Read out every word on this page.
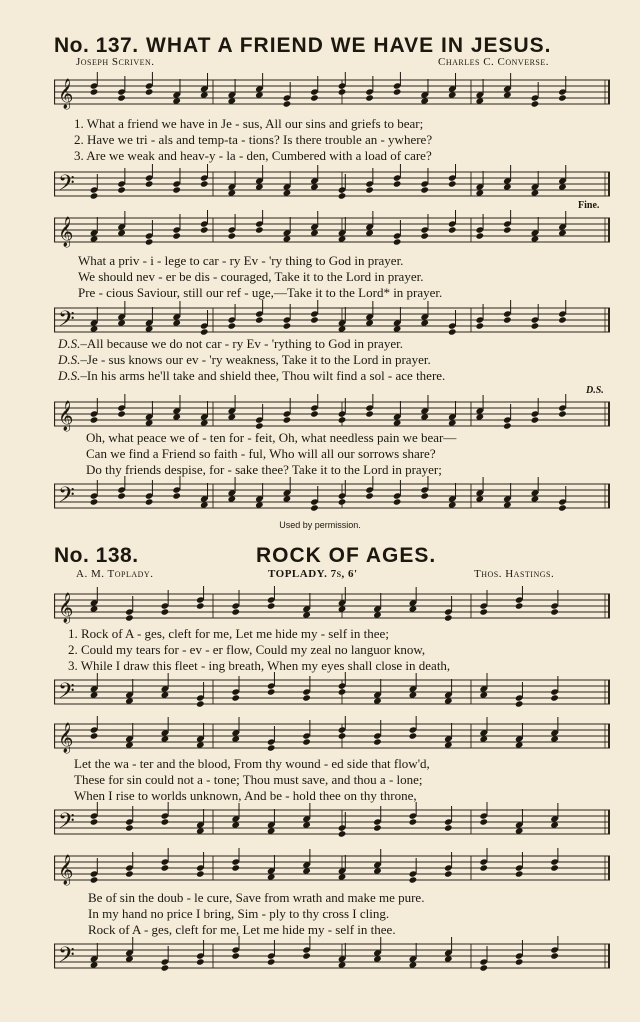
No. 137. WHAT A FRIEND WE HAVE IN JESUS.
Joseph Scriven.	Charles C. Converse.
𝄞
1. What a friend we have in Je - sus, All our sins and griefs to bear;
2. Have we tri - als and temp-ta - tions? Is there trouble an - ywhere?
3. Are we weak and heav-y - la - den, Cumbered with a load of care?
𝄢
Fine.
𝄞
What a priv - i - lege to car - ry Ev - 'ry thing to God in prayer.
We should nev - er be dis - couraged, Take it to the Lord in prayer.
Pre - cious Saviour, still our ref - uge,—Take it to the Lord* in prayer.
𝄢
D.S.–All because we do not car - ry Ev - 'rything to God in prayer.
D.S.–Je - sus knows our ev - 'ry weakness, Take it to the Lord in prayer.
D.S.–In his arms he'll take and shield thee, Thou wilt find a sol - ace there.
D.S.
𝄞
Oh, what peace we of - ten for - feit, Oh, what needless pain we bear—
Can we find a Friend so faith - ful, Who will all our sorrows share?
Do thy friends despise, for - sake thee? Take it to the Lord in prayer;
𝄢
Used by permission.
No. 138.	ROCK OF AGES.
A. M. Toplady.	TOPLADY. 7s, 6'	Thos. Hastings.
𝄞
1. Rock of A - ges, cleft for me, Let me hide my - self in thee;
2. Could my tears for - ev - er flow, Could my zeal no languor know,
3. While I draw this fleet - ing breath, When my eyes shall close in death,
𝄢
𝄞
Let the wa - ter and the blood, From thy wound - ed side that flow'd,
These for sin could not a - tone; Thou must save, and thou a - lone;
When I rise to worlds unknown, And be - hold thee on thy throne,
𝄢
𝄞
Be of sin the doub - le cure, Save from wrath and make me pure.
In my hand no price I bring, Sim - ply to thy cross I cling.
Rock of A - ges, cleft for me, Let me hide my - self in thee.
𝄢
